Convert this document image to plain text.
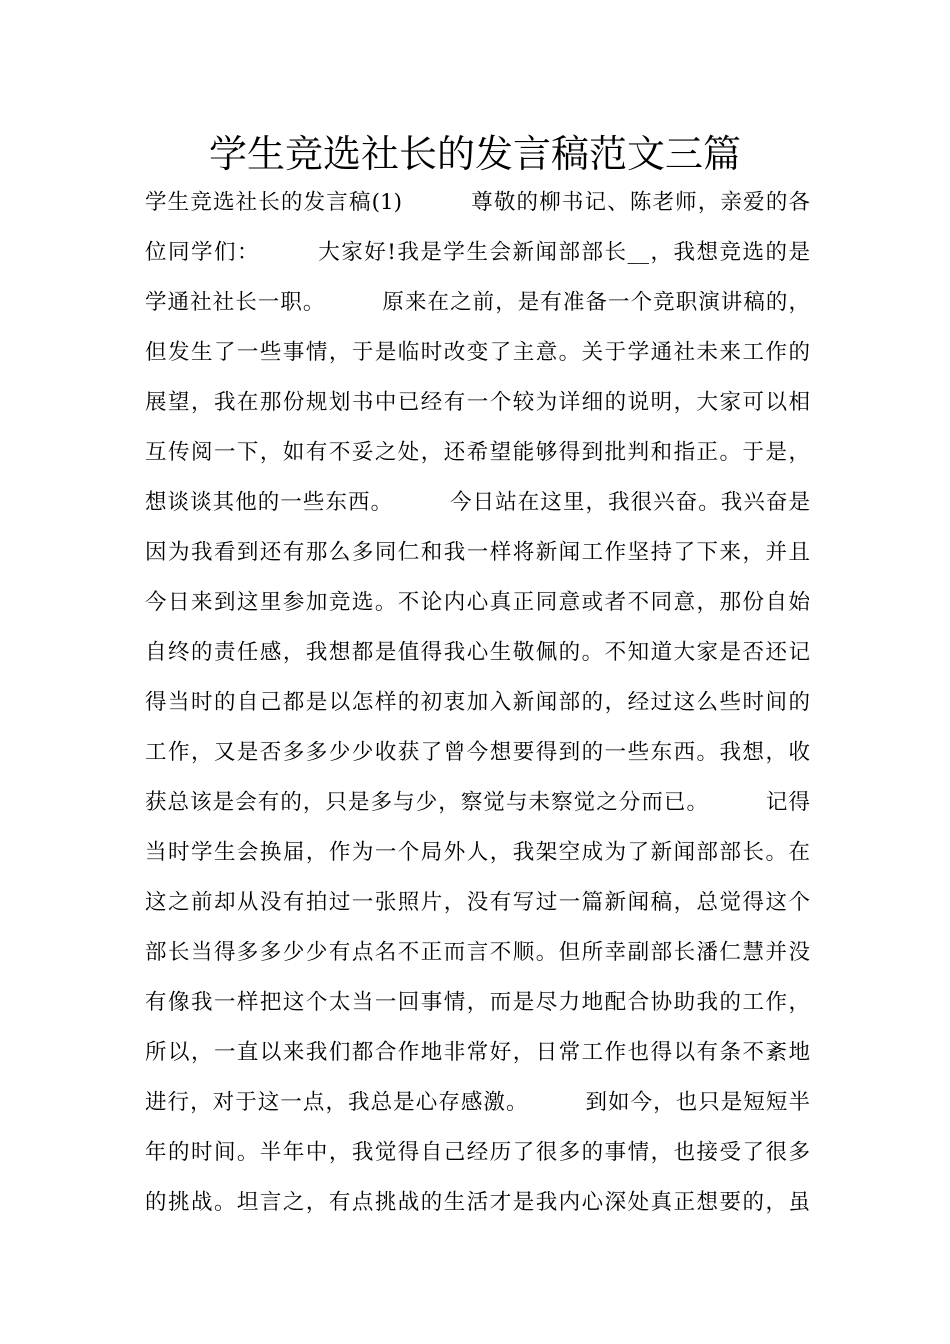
学生竞选社长的发言稿范文三篇
学生竞选社长的发言稿(1)　　　尊敬的柳书记、陈老师，亲爱的各
位同学们：　　　大家好!我是学生会新闻部部长__，我想竞选的是
学通社社长一职。　　　原来在之前，是有准备一个竞职演讲稿的，
但发生了一些事情，于是临时改变了主意。关于学通社未来工作的
展望，我在那份规划书中已经有一个较为详细的说明，大家可以相
互传阅一下，如有不妥之处，还希望能够得到批判和指正。于是，
想谈谈其他的一些东西。　　　今日站在这里，我很兴奋。我兴奋是
因为我看到还有那么多同仁和我一样将新闻工作坚持了下来，并且
今日来到这里参加竞选。不论内心真正同意或者不同意，那份自始
自终的责任感，我想都是值得我心生敬佩的。不知道大家是否还记
得当时的自己都是以怎样的初衷加入新闻部的，经过这么些时间的
工作，又是否多多少少收获了曾今想要得到的一些东西。我想，收
获总该是会有的，只是多与少，察觉与未察觉之分而已。　　　记得
当时学生会换届，作为一个局外人，我架空成为了新闻部部长。在
这之前却从没有拍过一张照片，没有写过一篇新闻稿，总觉得这个
部长当得多多少少有点名不正而言不顺。但所幸副部长潘仁慧并没
有像我一样把这个太当一回事情，而是尽力地配合协助我的工作，
所以，一直以来我们都合作地非常好，日常工作也得以有条不紊地
进行，对于这一点，我总是心存感激。　　　到如今，也只是短短半
年的时间。半年中，我觉得自己经历了很多的事情，也接受了很多
的挑战。坦言之，有点挑战的生活才是我内心深处真正想要的，虽
